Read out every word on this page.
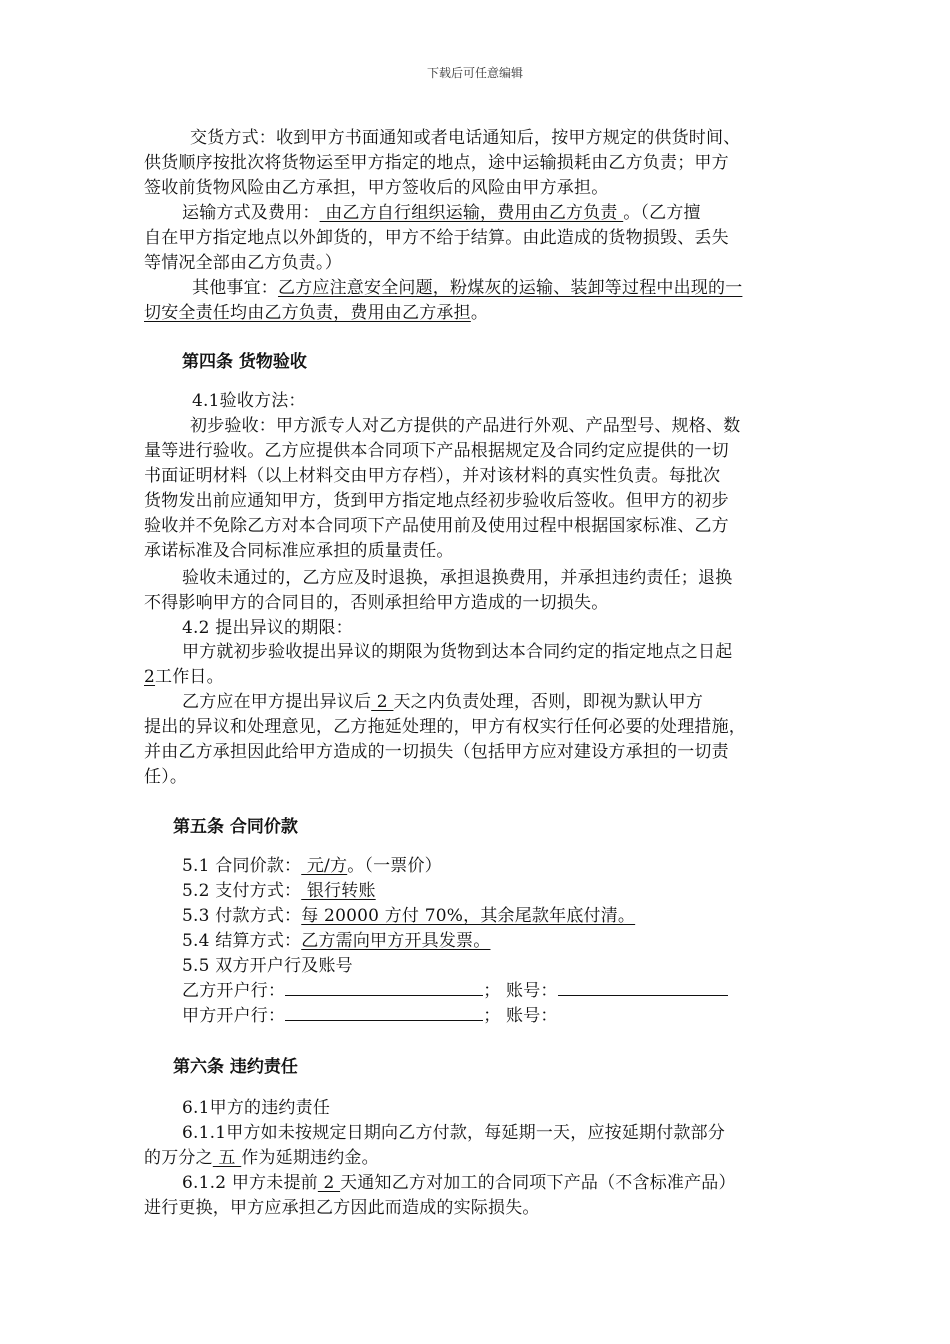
下载后可任意编辑
交货方式：收到甲方书面通知或者电话通知后，按甲方规定的供货时间、
供货顺序按批次将货物运至甲方指定的地点，途中运输损耗由乙方负责；甲方
签收前货物风险由乙方承担，甲方签收后的风险由甲方承担。
运输方式及费用： 由乙方自行组织运输，费用由乙方负责 。（乙方擅
自在甲方指定地点以外卸货的，甲方不给于结算。由此造成的货物损毁、丢失
等情况全部由乙方负责。）
其他事宜：乙方应注意安全问题，粉煤灰的运输、装卸等过程中出现的一
切安全责任均由乙方负责，费用由乙方承担。
第四条 货物验收
4.1验收方法：
初步验收：甲方派专人对乙方提供的产品进行外观、产品型号、规格、数
量等进行验收。乙方应提供本合同项下产品根据规定及合同约定应提供的一切
书面证明材料（以上材料交由甲方存档），并对该材料的真实性负责。每批次
货物发出前应通知甲方，货到甲方指定地点经初步验收后签收。但甲方的初步
验收并不免除乙方对本合同项下产品使用前及使用过程中根据国家标准、乙方
承诺标准及合同标准应承担的质量责任。
验收未通过的，乙方应及时退换，承担退换费用，并承担违约责任；退换
不得影响甲方的合同目的，否则承担给甲方造成的一切损失。
4.2 提出异议的期限：
甲方就初步验收提出异议的期限为货物到达本合同约定的指定地点之日起
2工作日。
乙方应在甲方提出异议后 2 天之内负责处理，否则，即视为默认甲方
提出的异议和处理意见，乙方拖延处理的，甲方有权实行任何必要的处理措施，
并由乙方承担因此给甲方造成的一切损失（包括甲方应对建设方承担的一切责
任）。
第五条 合同价款
5.1 合同价款： 元/方。（一票价）
5.2 支付方式： 银行转账
5.3 付款方式：每 20000 方付 70%，其余尾款年底付清。
5.4 结算方式：乙方需向甲方开具发票。
5.5 双方开户行及账号
乙方开户行：	； 账号：
甲方开户行：	； 账号：
第六条 违约责任
6.1甲方的违约责任
6.1.1甲方如未按规定日期向乙方付款，每延期一天，应按延期付款部分
的万分之 五 作为延期违约金。
6.1.2 甲方未提前 2 天通知乙方对加工的合同项下产品（不含标准产品）
进行更换，甲方应承担乙方因此而造成的实际损失。
